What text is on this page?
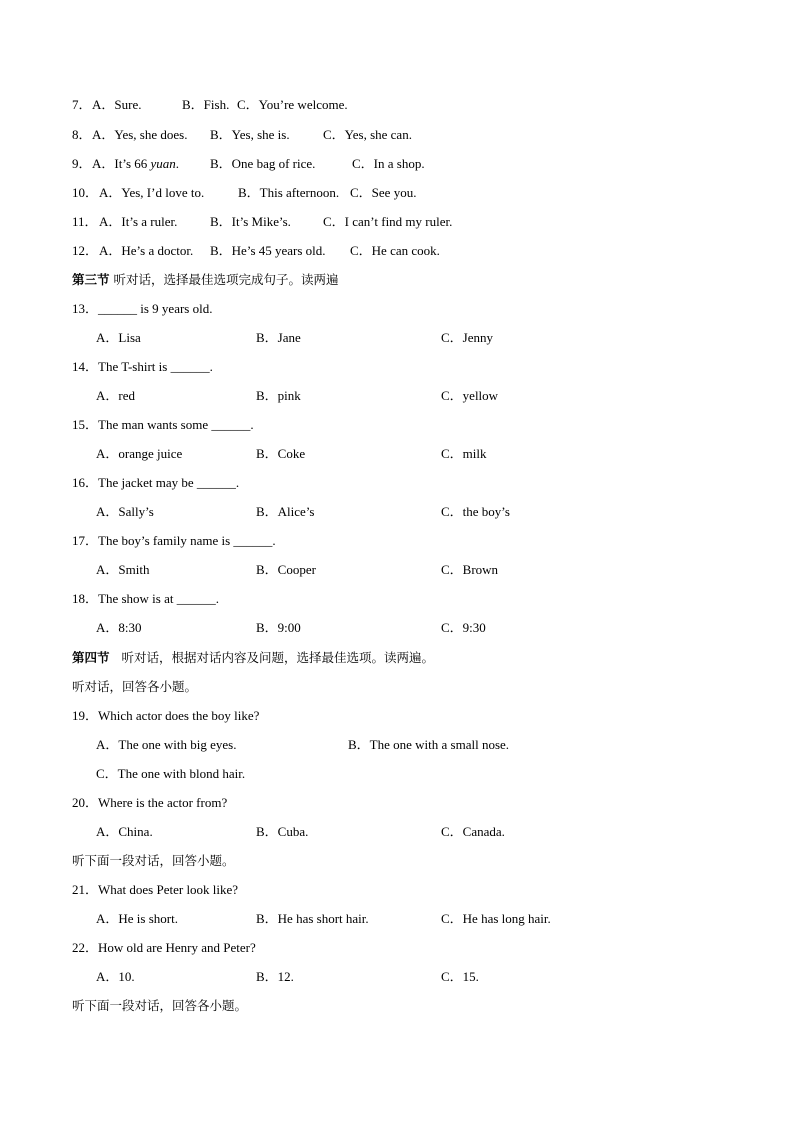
7． A．Sure.	B．Fish. C．You’re welcome.
8． A．Yes, she does. B．Yes, she is.	C．Yes, she can.
9． A．It’s 66 yuan. B．One bag of rice.	C．In a shop.
10． A．Yes, I’d love to.	B．This afternoon. C．See you.
11． A．It’s a ruler.	B．It’s Mike’s. C．I can’t find my ruler.
12． A．He’s a doctor. B．He’s 45 years old. C．He can cook.
第三节 听对话，选择最佳选项完成句子。读两遍
13．______ is 9 years old.
A．Lisa	B．Jane	C．Jenny
14．The T-shirt is ______.
A．red	B．pink	C．yellow
15．The man wants some ______.
A．orange juice	B．Coke	C．milk
16．The jacket may be ______.
A．Sally’s	B．Alice’s	C．the boy’s
17．The boy’s family name is ______.
A．Smith	B．Cooper	C．Brown
18．The show is at ______.
A．8:30	B．9:00	C．9:30
第四节 听对话，根据对话内容及问题，选择最佳选项。读两遍。
听对话，回答各小题。
19．Which actor does the boy like?
A．The one with big eyes.	B．The one with a small nose.
C．The one with blond hair.
20．Where is the actor from?
A．China.	B．Cuba.	C．Canada.
听下面一段对话，回答小题。
21．What does Peter look like?
A．He is short.	B．He has short hair.	C．He has long hair.
22．How old are Henry and Peter?
A．10.	B．12.	C．15.
听下面一段对话，回答各小题。
